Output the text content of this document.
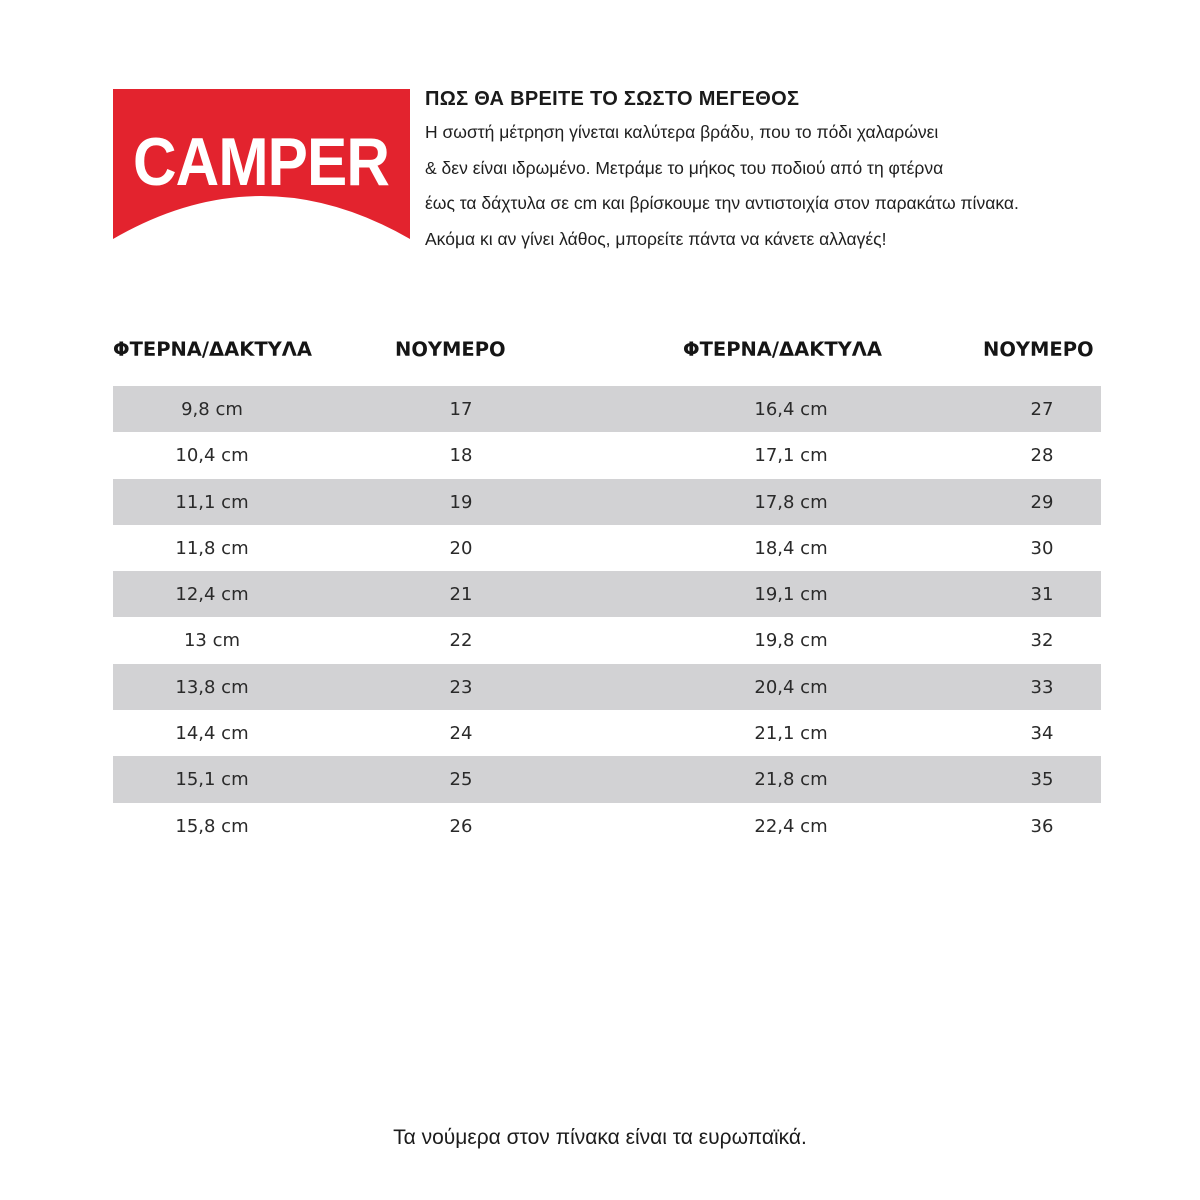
CAMPER
ΠΩΣ ΘΑ ΒΡΕΙΤΕ ΤΟ ΣΩΣΤΟ ΜΕΓΕΘΟΣ
Η σωστή μέτρηση γίνεται καλύτερα βράδυ, που το πόδι χαλαρώνει
& δεν είναι ιδρωμένο. Μετράμε το μήκος του ποδιού από τη φτέρνα
έως τα δάχτυλα σε cm και βρίσκουμε την αντιστοιχία στον παρακάτω πίνακα.
Ακόμα κι αν γίνει λάθος, μπορείτε πάντα να κάνετε αλλαγές!
ΦΤΕΡΝΑ/ΔΑΚΤΥΛΑ	ΝΟΥΜΕΡΟ	ΦΤΕΡΝΑ/ΔΑΚΤΥΛΑ	ΝΟΥΜΕΡΟ
9,8 cm	17	16,4 cm	27
10,4 cm	18	17,1 cm	28
11,1 cm	19	17,8 cm	29
11,8 cm	20	18,4 cm	30
12,4 cm	21	19,1 cm	31
13 cm	22	19,8 cm	32
13,8 cm	23	20,4 cm	33
14,4 cm	24	21,1 cm	34
15,1 cm	25	21,8 cm	35
15,8 cm	26	22,4 cm	36
Τα νούμερα στον πίνακα είναι τα ευρωπαϊκά.
